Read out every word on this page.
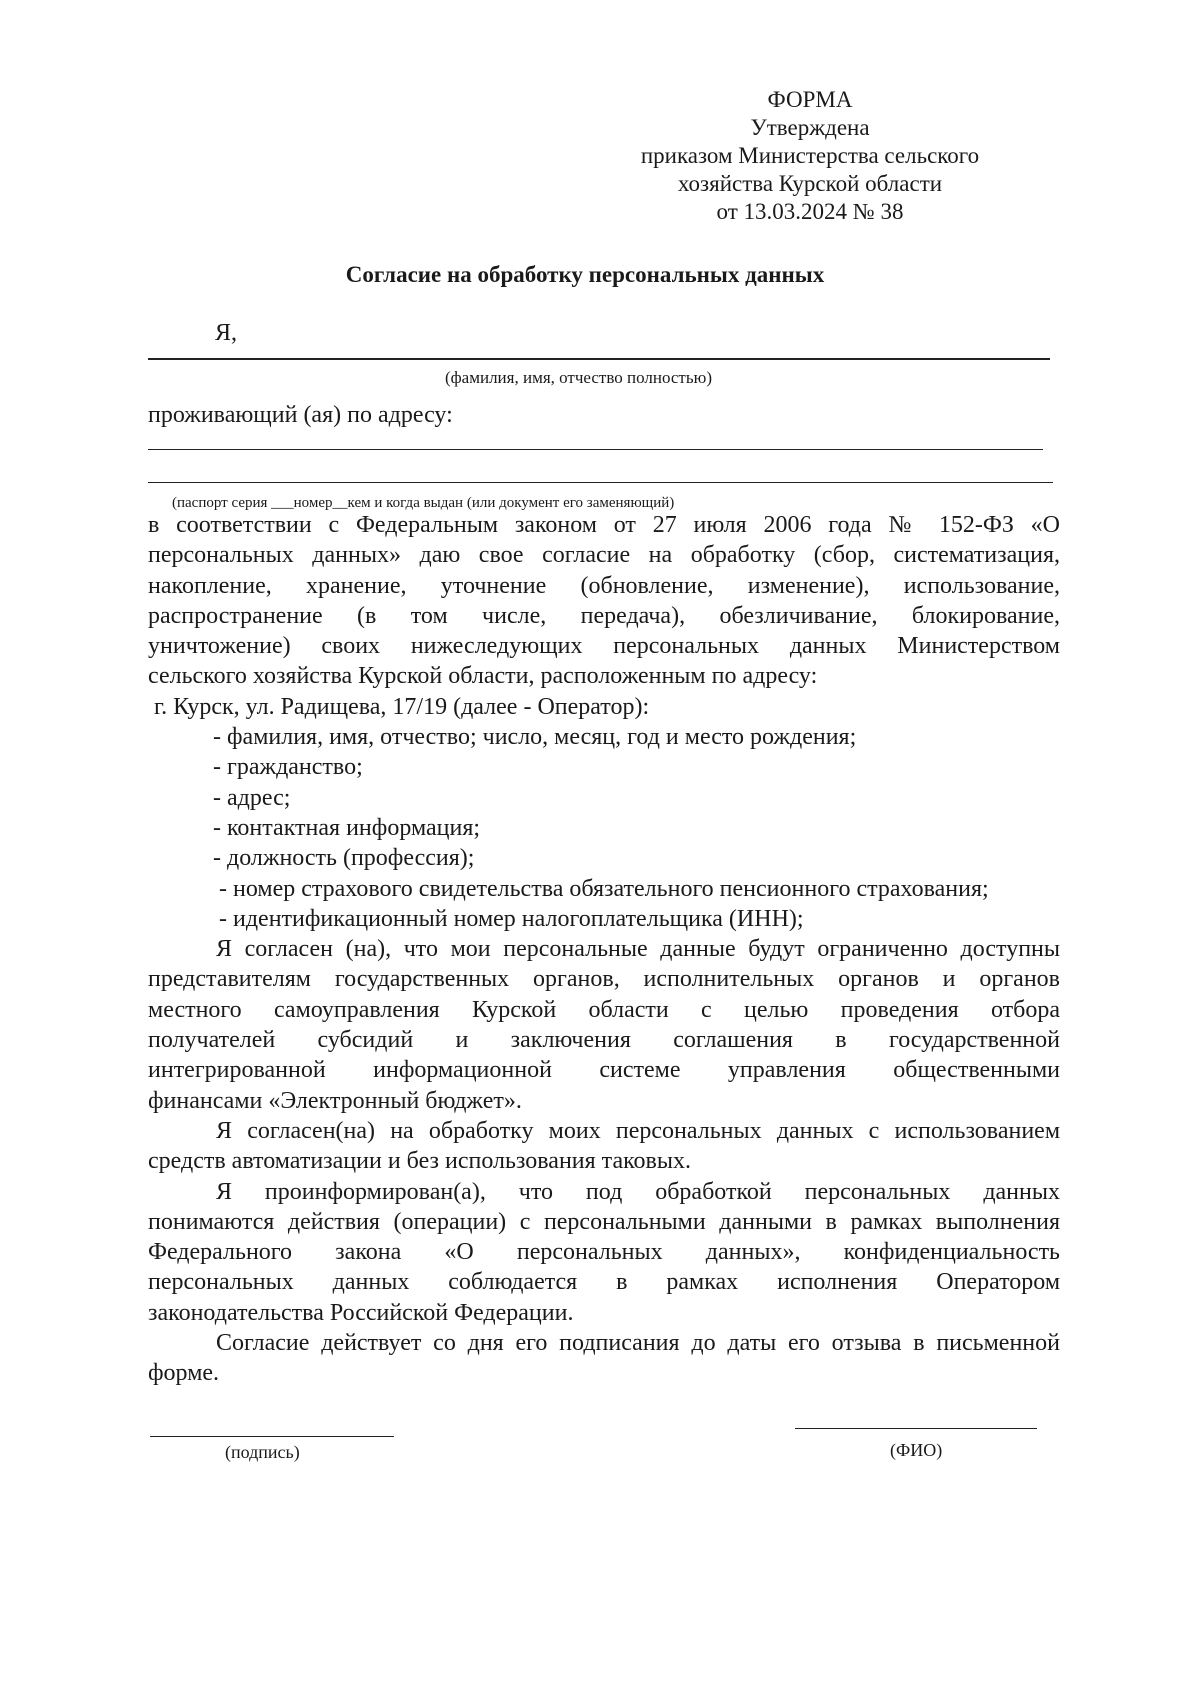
ФОРМА
Утверждена
приказом Министерства сельского
хозяйства Курской области
от 13.03.2024 № 38
Согласие на обработку персональных данных
Я,
(фамилия, имя, отчество полностью)
проживающий (ая) по адресу:
(паспорт серия ___номер__кем и когда выдан (или документ его заменяющий)
в соответствии с Федеральным законом от 27 июля 2006 года № 152-ФЗ «О
персональных данных» даю свое согласие на обработку (сбор, систематизация,
накопление, хранение, уточнение (обновление, изменение), использование,
распространение (в том числе, передача), обезличивание, блокирование,
уничтожение) своих нижеследующих персональных данных Министерством
сельского хозяйства Курской области, расположенным по адресу:
г. Курск, ул. Радищева, 17/19 (далее - Оператор):
- фамилия, имя, отчество; число, месяц, год и место рождения;
- гражданство;
- адрес;
- контактная информация;
- должность (профессия);
- номер страхового свидетельства обязательного пенсионного страхования;
- идентификационный номер налогоплательщика (ИНН);
Я согласен (на), что мои персональные данные будут ограниченно доступны
представителям государственных органов, исполнительных органов и органов
местного самоуправления Курской области с целью проведения отбора
получателей субсидий и заключения соглашения в государственной
интегрированной информационной системе управления общественными
финансами «Электронный бюджет».
Я согласен(на) на обработку моих персональных данных с использованием
средств автоматизации и без использования таковых.
Я проинформирован(а), что под обработкой персональных данных
понимаются действия (операции) с персональными данными в рамках выполнения
Федерального закона «О персональных данных», конфиденциальность
персональных данных соблюдается в рамках исполнения Оператором
законодательства Российской Федерации.
Согласие действует со дня его подписания до даты его отзыва в письменной
форме.
(подпись)	(ФИО)
